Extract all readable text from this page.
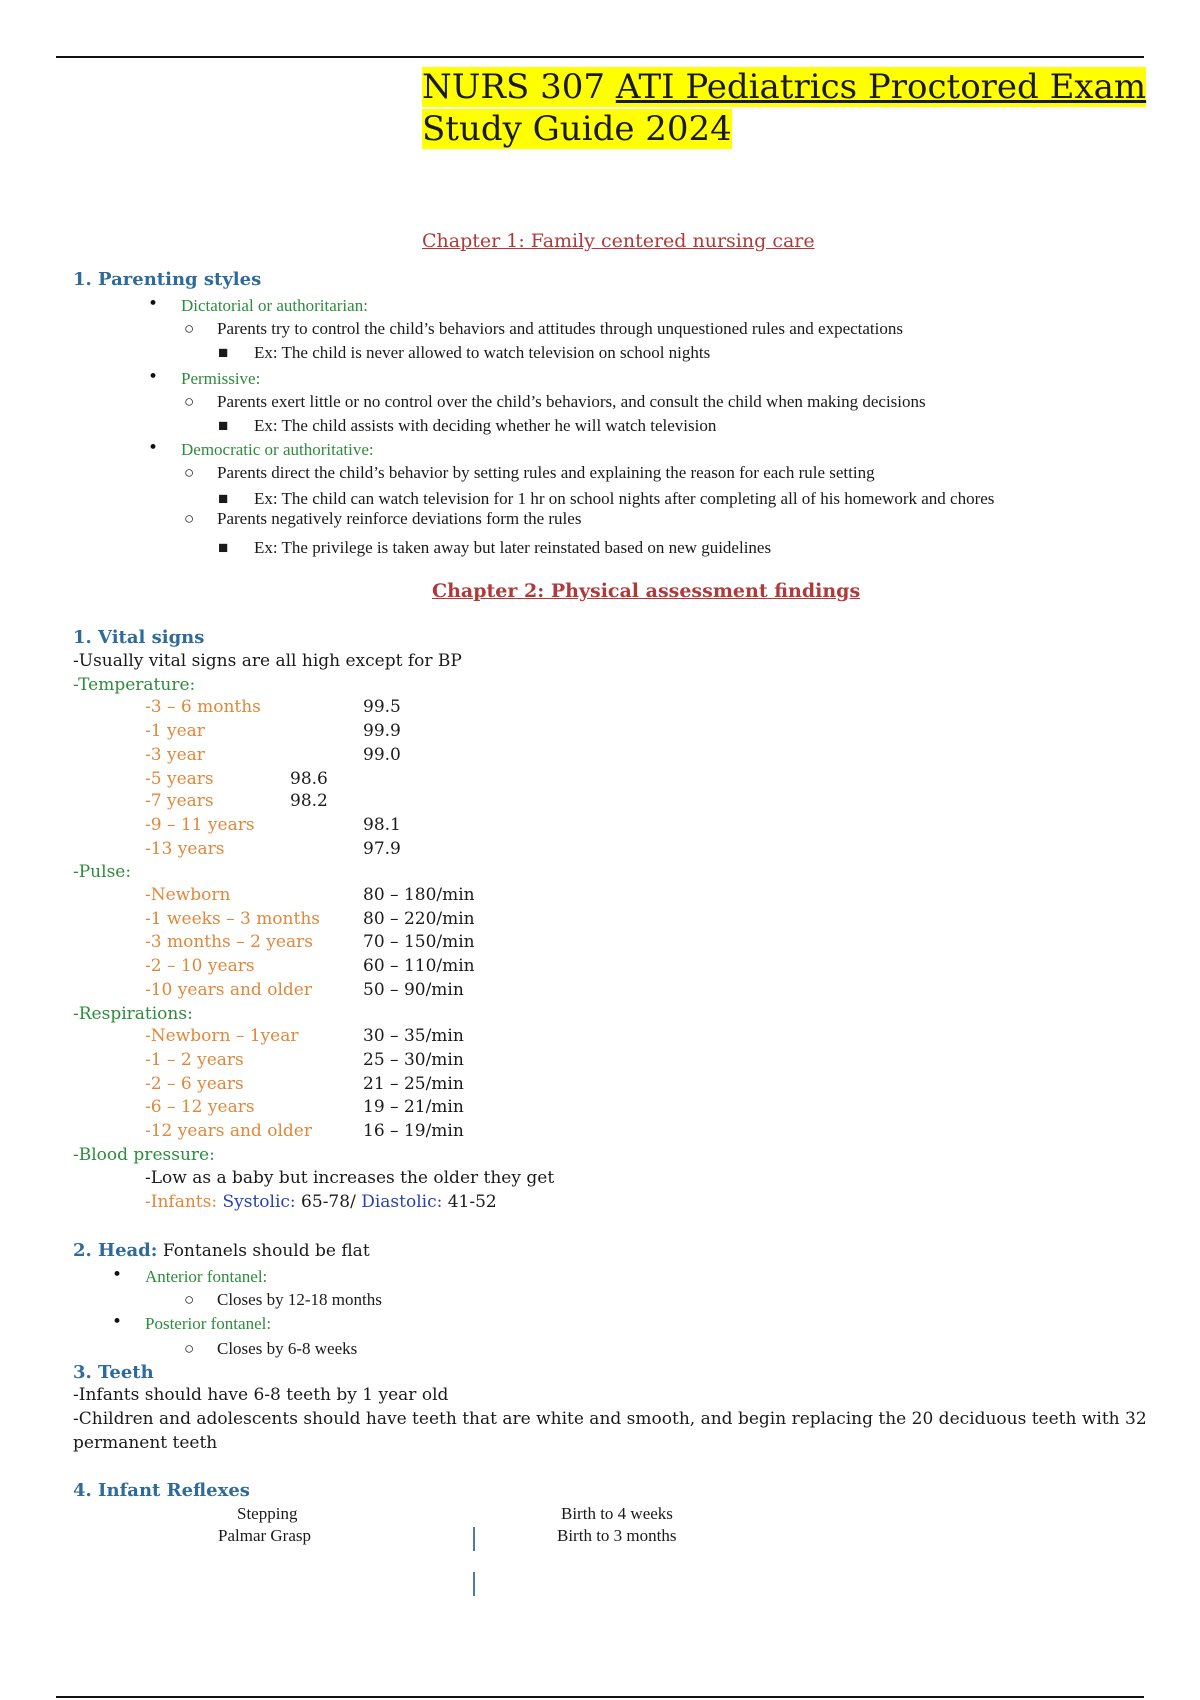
NURS 307 ATI Pediatrics Proctored Exam
Study Guide 2024
Chapter 1: Family centered nursing care
1. Parenting styles
• Dictatorial or authoritarian:
○ Parents try to control the child’s behaviors and attitudes through unquestioned rules and expectations
■ Ex: The child is never allowed to watch television on school nights
• Permissive:
○ Parents exert little or no control over the child’s behaviors, and consult the child when making decisions
■ Ex: The child assists with deciding whether he will watch television
• Democratic or authoritative:
○ Parents direct the child’s behavior by setting rules and explaining the reason for each rule setting
■ Ex: The child can watch television for 1 hr on school nights after completing all of his homework and chores
○ Parents negatively reinforce deviations form the rules
■ Ex: The privilege is taken away but later reinstated based on new guidelines
Chapter 2: Physical assessment findings
1. Vital signs
-Usually vital signs are all high except for BP
-Temperature:
-3 – 6 months	99.5
-1 year	99.9
-3 year	99.0
-5 years	98.6
-7 years	98.2
-9 – 11 years	98.1
-13 years	97.9
-Pulse:
-Newborn	80 – 180/min
-1 weeks – 3 months	80 – 220/min
-3 months – 2 years	70 – 150/min
-2 – 10 years	60 – 110/min
-10 years and older	50 – 90/min
-Respirations:
-Newborn – 1year	30 – 35/min
-1 – 2 years	25 – 30/min
-2 – 6 years	21 – 25/min
-6 – 12 years	19 – 21/min
-12 years and older	16 – 19/min
-Blood pressure:
-Low as a baby but increases the older they get
-Infants: Systolic: 65-78/ Diastolic: 41-52
2. Head: Fontanels should be flat
• Anterior fontanel:
○ Closes by 12-18 months
• Posterior fontanel:
○ Closes by 6-8 weeks
3. Teeth
-Infants should have 6-8 teeth by 1 year old
-Children and adolescents should have teeth that are white and smooth, and begin replacing the 20 deciduous teeth with 32
permanent teeth
4. Infant Reflexes
Stepping	Birth to 4 weeks
Palmar Grasp	Birth to 3 months
